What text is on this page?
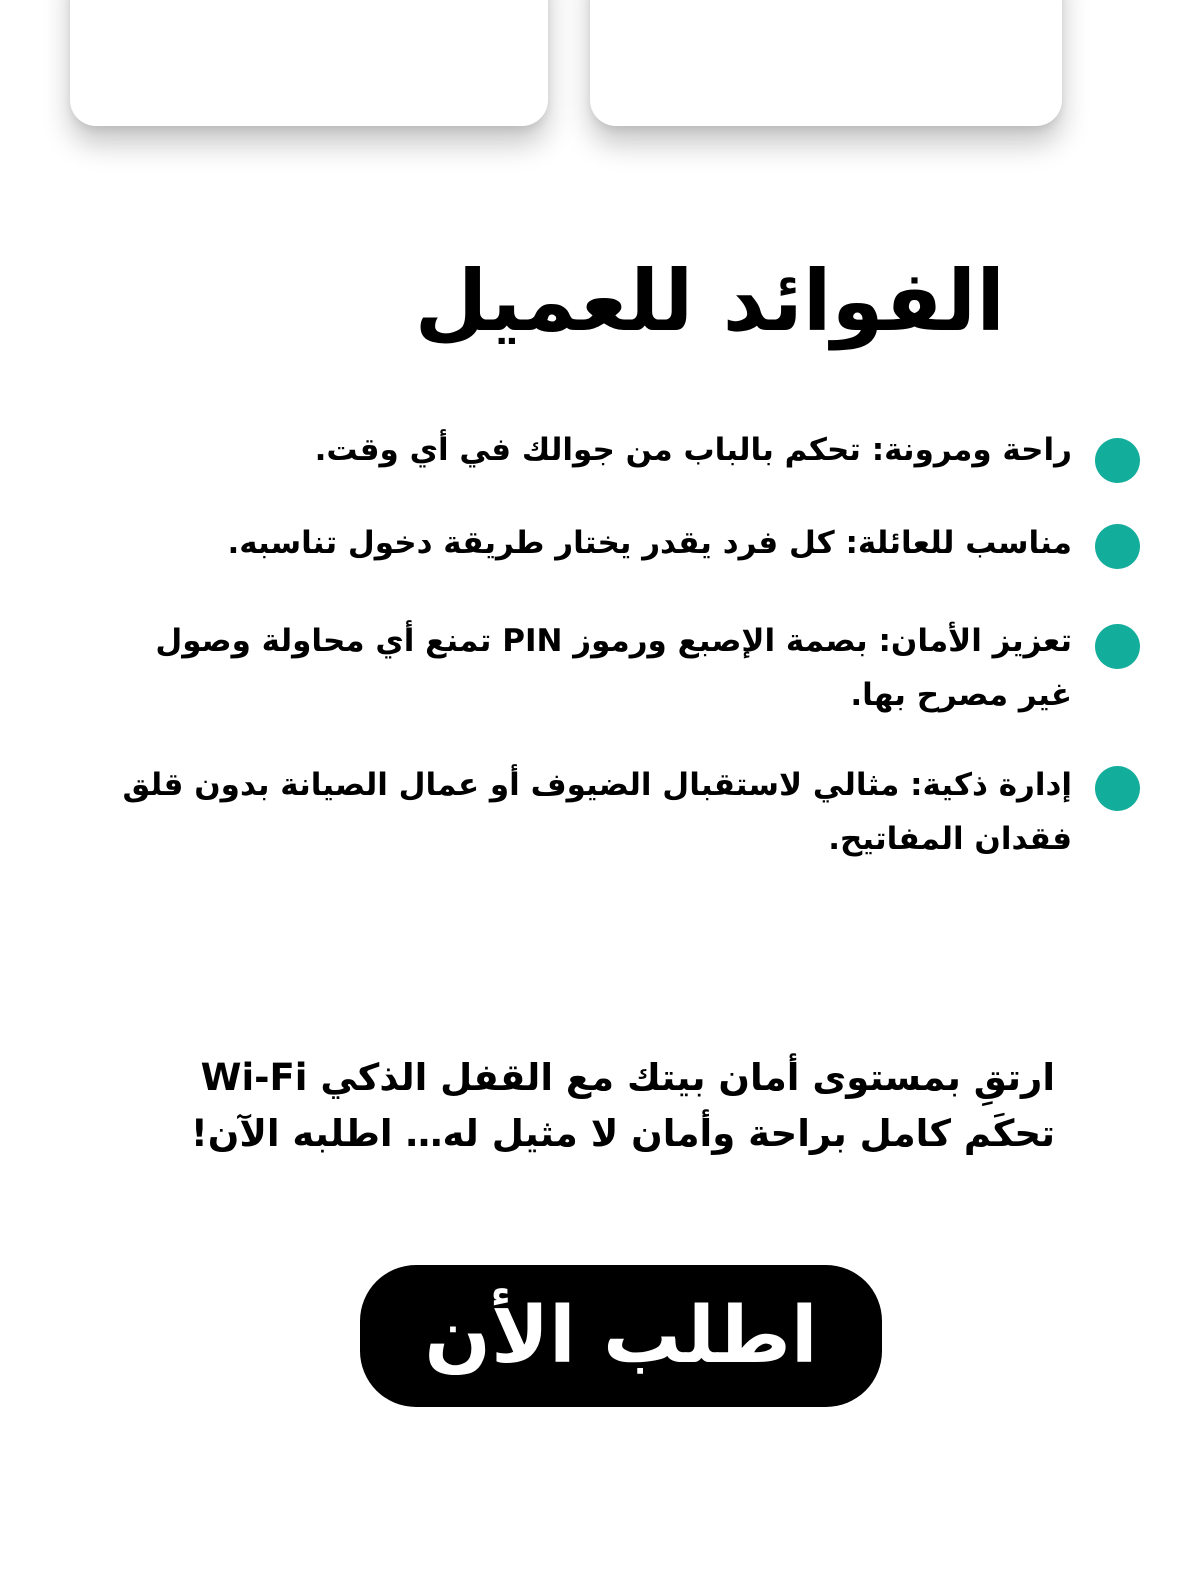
الفوائد للعميل
راحة ومرونة: تحكم بالباب من جوالك في أي وقت.
مناسب للعائلة: كل فرد يقدر يختار طريقة دخول تناسبه.
تعزيز الأمان: بصمة الإصبع ورموز PIN تمنع أي محاولة وصول غير مصرح بها.
إدارة ذكية: مثالي لاستقبال الضيوف أو عمال الصيانة بدون قلق فقدان المفاتيح.
ارتقِ بمستوى أمان بيتك مع القفل الذكي Wi-Fi
تحكَم كامل براحة وأمان لا مثيل له… اطلبه الآن!
اطلب الأن
